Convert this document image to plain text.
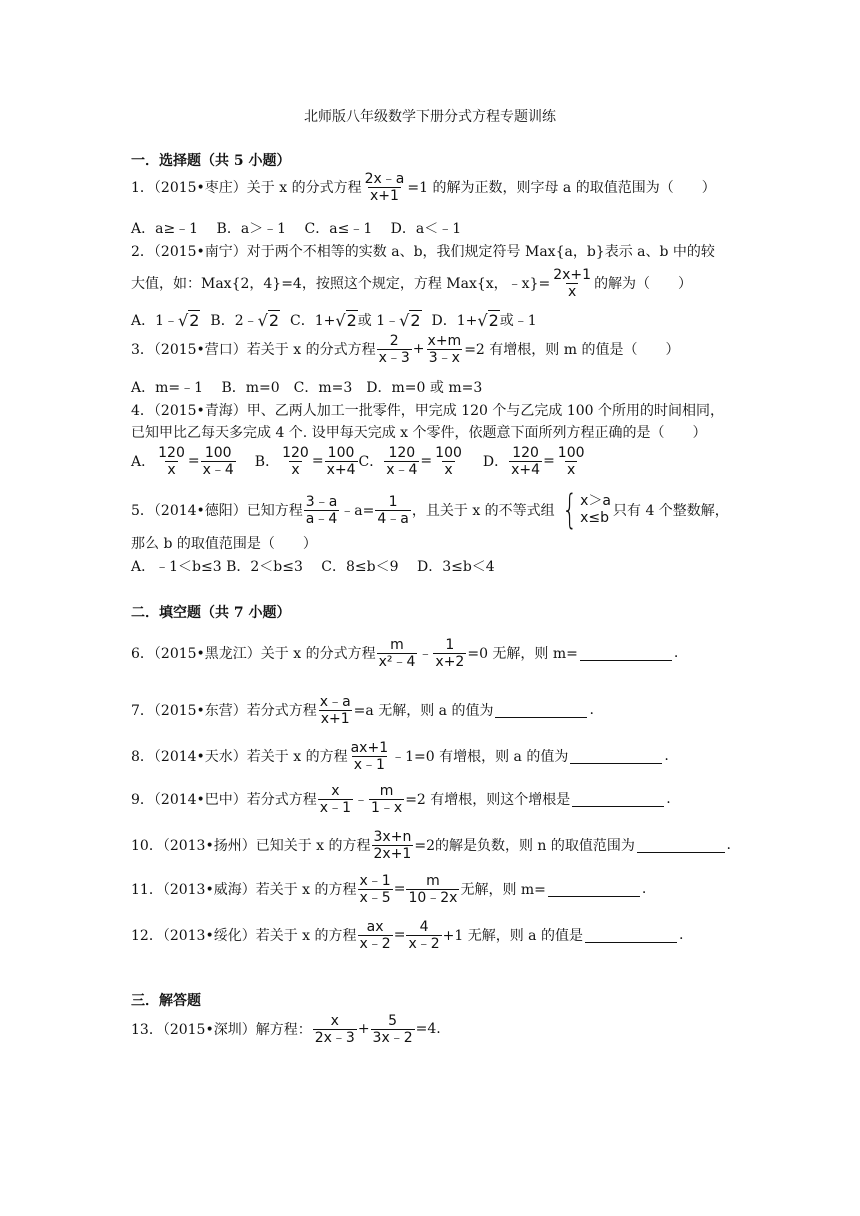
北师版八年级数学下册分式方程专题训练
一．选择题（共 5 小题）
1．（2015•枣庄）关于 x 的分式方程 $\frac{2x﹣a}{x+1} =1$ 的解为正数，则字母 a 的取值范围为（　　）
A．a≥﹣1　 B．a＞﹣1　 C．a≤﹣1　 D．a＜﹣1
2．（2015•南宁）对于两个不相等的实数 a、b，我们规定符号 Max{a，b}表示 a、b 中的较
大值，如：Max{2，4}=4，按照这个规定，方程 Max{x，﹣x}= $\frac{2x+1}{x}$ 的解为（　　）
A．1﹣ √2 B．2﹣ √2 C．1+ √2 或 1﹣ √2 D．1+ √2 或﹣1
3．（2015•营口）若关于 x 的分式方程 $\frac{2}{x﹣3} + \frac{x+m}{3﹣x} =2$ 有增根，则 m 的值是（　　）
A．m=﹣1　 B．m=0　C．m=3　D．m=0 或 m=3
4．（2015•青海）甲、乙两人加工一批零件，甲完成 120 个与乙完成 100 个所用的时间相同，
已知甲比乙每天多完成 4 个. 设甲每天完成 x 个零件，依题意下面所列方程正确的是（　　）
A． $\frac{120}{x} = \frac{100}{x﹣4}$ B． $\frac{120}{x} = \frac{100}{x+4}$ C． $\frac{120}{x﹣4} = \frac{100}{x}$ D． $\frac{120}{x+4} = \frac{100}{x}$
5．（2014•德阳）已知方程 $\frac{3﹣a}{a﹣4}$ ﹣a= $\frac{1}{4﹣a}$ ，且关于 x 的不等式组 { x＞a
x≤b 只有 4 个整数解，
那么 b 的取值范围是（　　）
A．﹣1＜b≤3 B．2＜b≤3　 C．8≤b＜9　 D．3≤b＜4
二．填空题（共 7 小题）
6．（2015•黑龙江）关于 x 的分式方程 $\frac{m}{\text{x²﹣4}}$ ﹣ $\frac{1}{x+2} =0$ 无解，则 m=	.
7．（2015•东营）若分式方程 $\frac{x﹣a}{x+1} =a$ 无解，则 a 的值为	.
8．（2014•天水）若关于 x 的方程 $\frac{ax+1}{x﹣1}$ ﹣1=0 有增根，则 a 的值为	.
9．（2014•巴中）若分式方程 $\frac{x}{x﹣1}$ ﹣ $\frac{m}{1﹣x} =2$ 有增根，则这个增根是	.
10．（2013•扬州）已知关于 x 的方程 $\frac{3x+n}{2x+1} =2$的解是负数，则 n 的取值范围为	.
11．（2013•威海）若关于 x 的方程 $\frac{x﹣1}{x﹣5} = \frac{m}{10﹣2x}$ 无解，则 m=	.
12．（2013•绥化）若关于 x 的方程 $\frac{ax}{x﹣2} = \frac{4}{x﹣2} +1$ 无解，则 a 的值是	.
三．解答题
13．（2015•深圳）解方程： $\frac{x}{2x﹣3} + \frac{5}{3x﹣2} =4$.
